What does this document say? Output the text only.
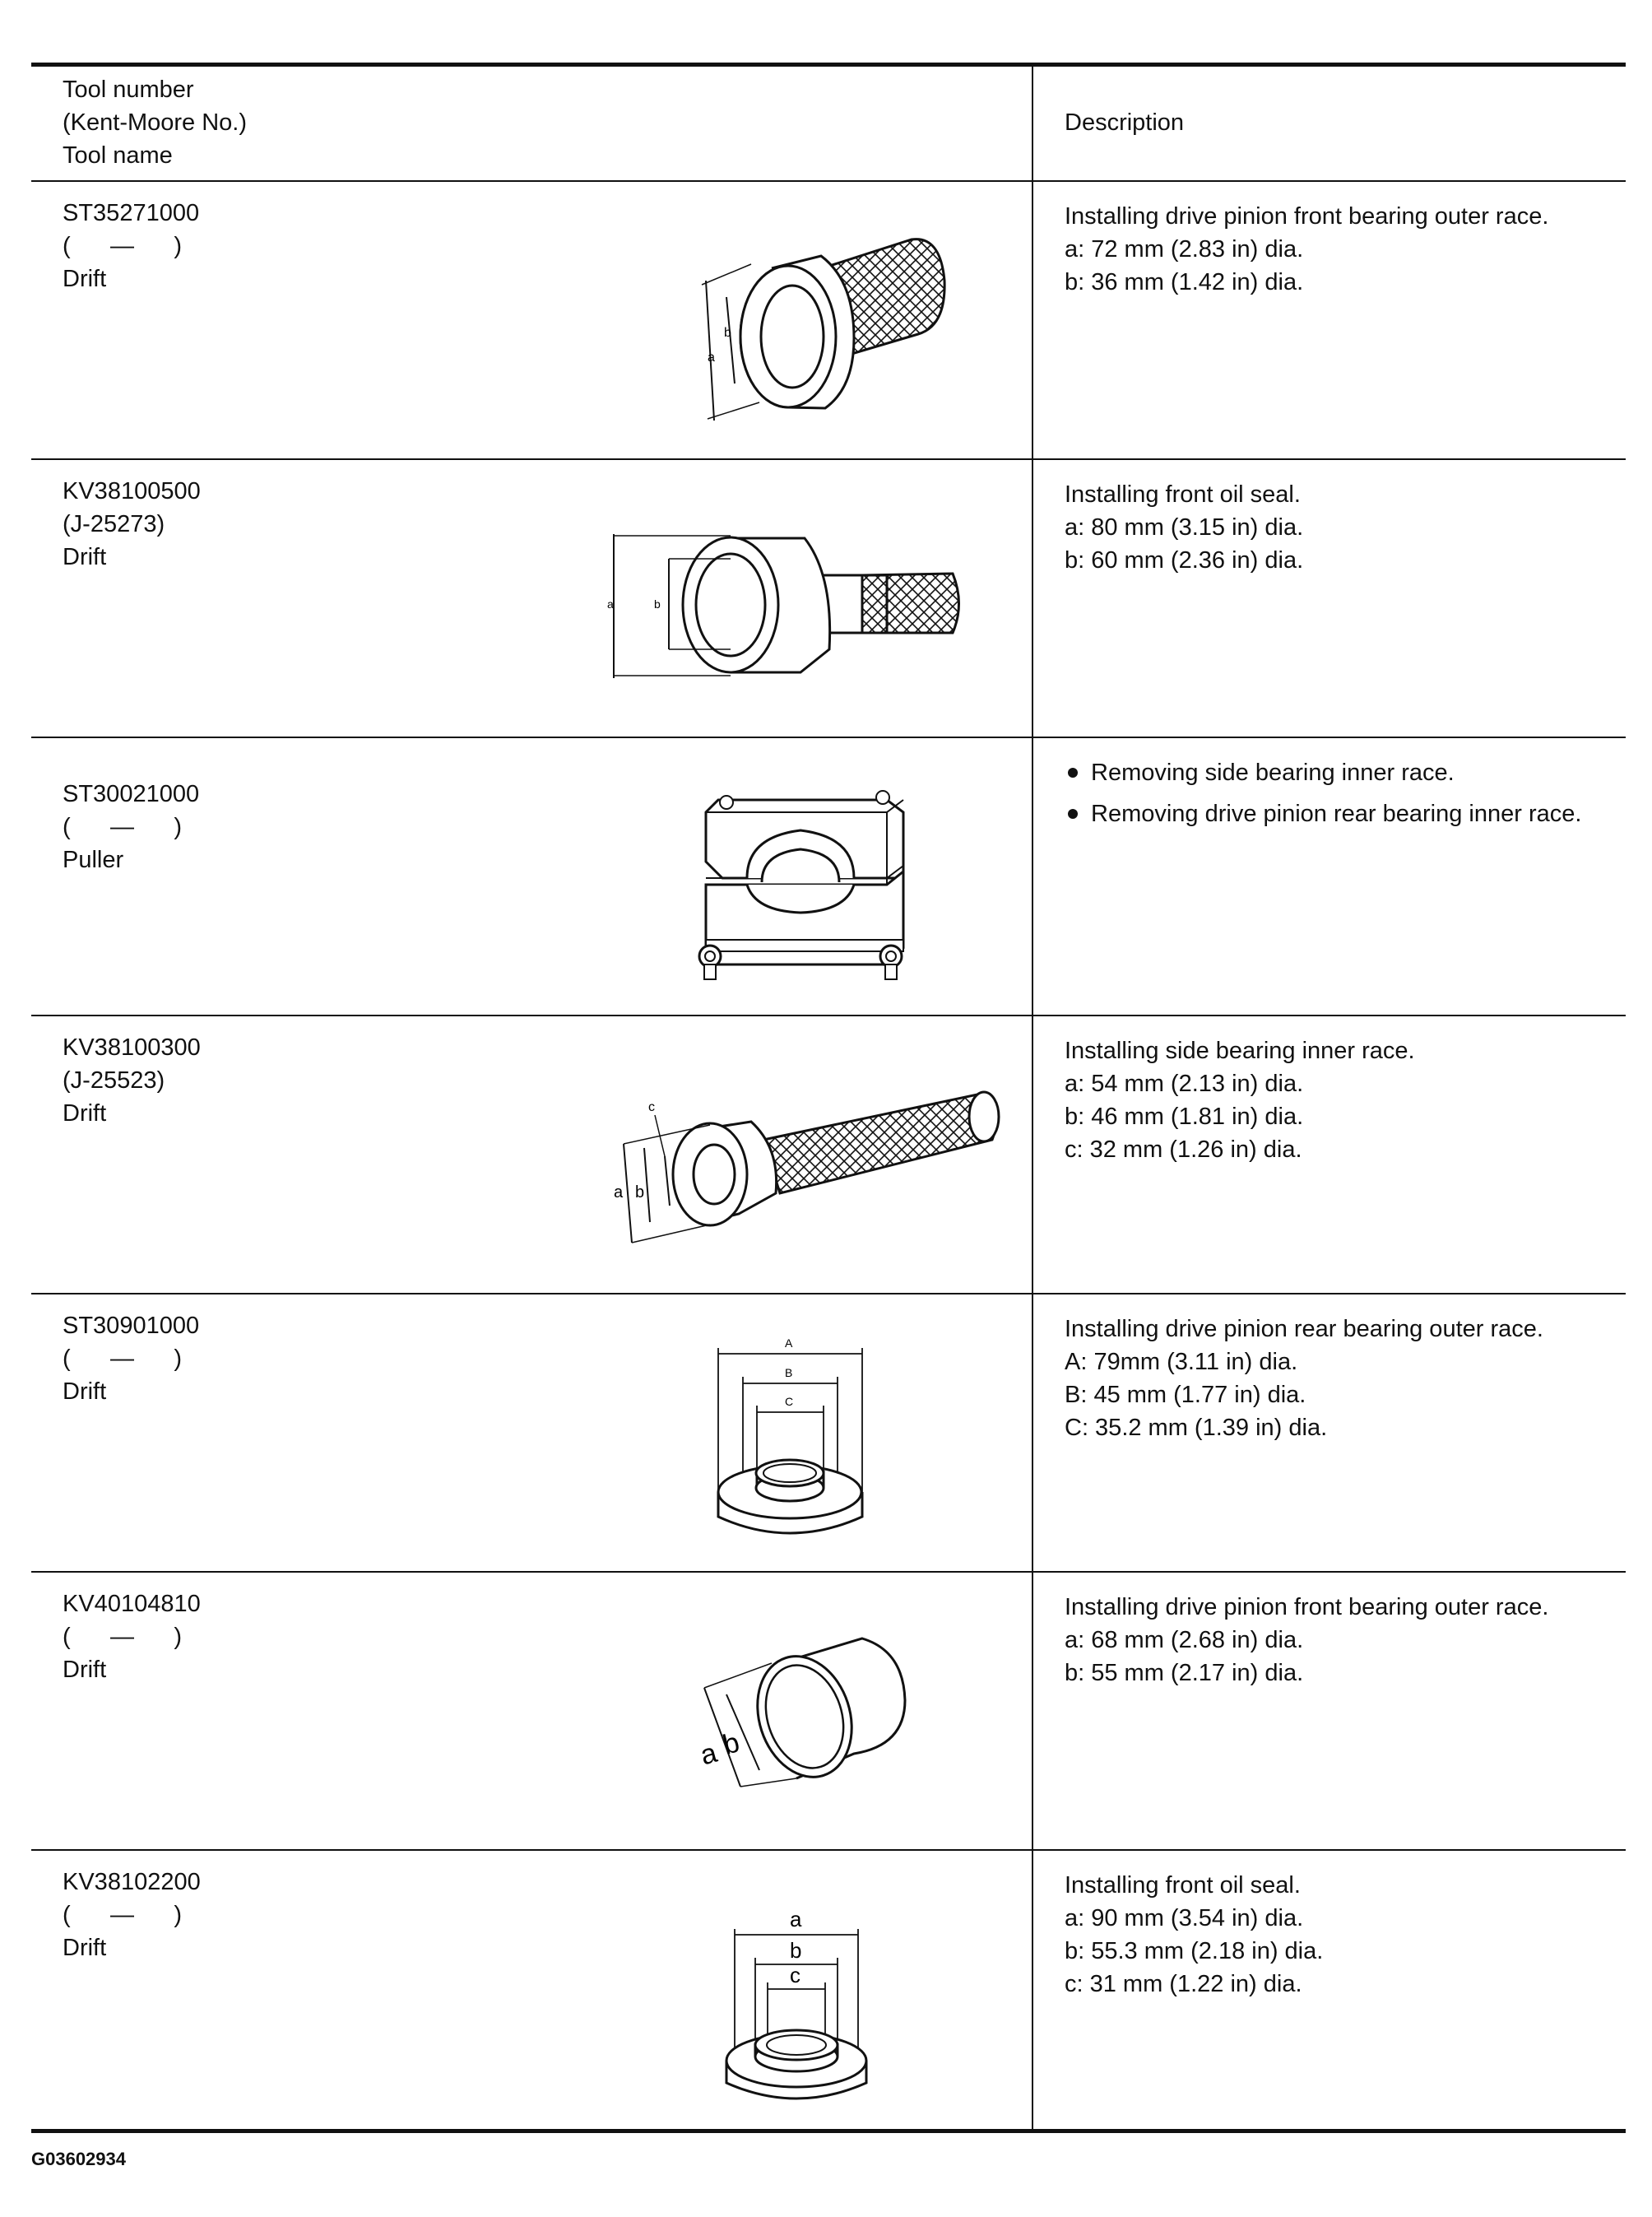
Tool number
(Kent-Moore No.)
Tool name
Description
ST35271000
(      —      )
Drift
a
b
Installing drive pinion front bearing outer race.
a: 72 mm (2.83 in) dia.
b: 36 mm (1.42 in) dia.
KV38100500
(J-25273)
Drift
a	b
Installing front oil seal.
a: 80 mm (3.15 in) dia.
b: 60 mm (2.36 in) dia.
ST30021000
(      —      )
Puller
Removing side bearing inner race.
Removing drive pinion rear bearing inner race.
KV38100300
(J-25523)
Drift
a b
c
Installing side bearing inner race.
a: 54 mm (2.13 in) dia.
b: 46 mm (1.81 in) dia.
c: 32 mm (1.26 in) dia.
ST30901000
(      —      )
Drift
A
B
C
Installing drive pinion rear bearing outer race.
A: 79mm (3.11 in) dia.
B: 45 mm (1.77 in) dia.
C: 35.2 mm (1.39 in) dia.
KV40104810
(      —      )
Drift
a b
Installing drive pinion front bearing outer race.
a: 68 mm (2.68 in) dia.
b: 55 mm (2.17 in) dia.
KV38102200
(      —      )
Drift
a
b
c
Installing front oil seal.
a: 90 mm (3.54 in) dia.
b: 55.3 mm (2.18 in) dia.
c: 31 mm (1.22 in) dia.
G03602934
